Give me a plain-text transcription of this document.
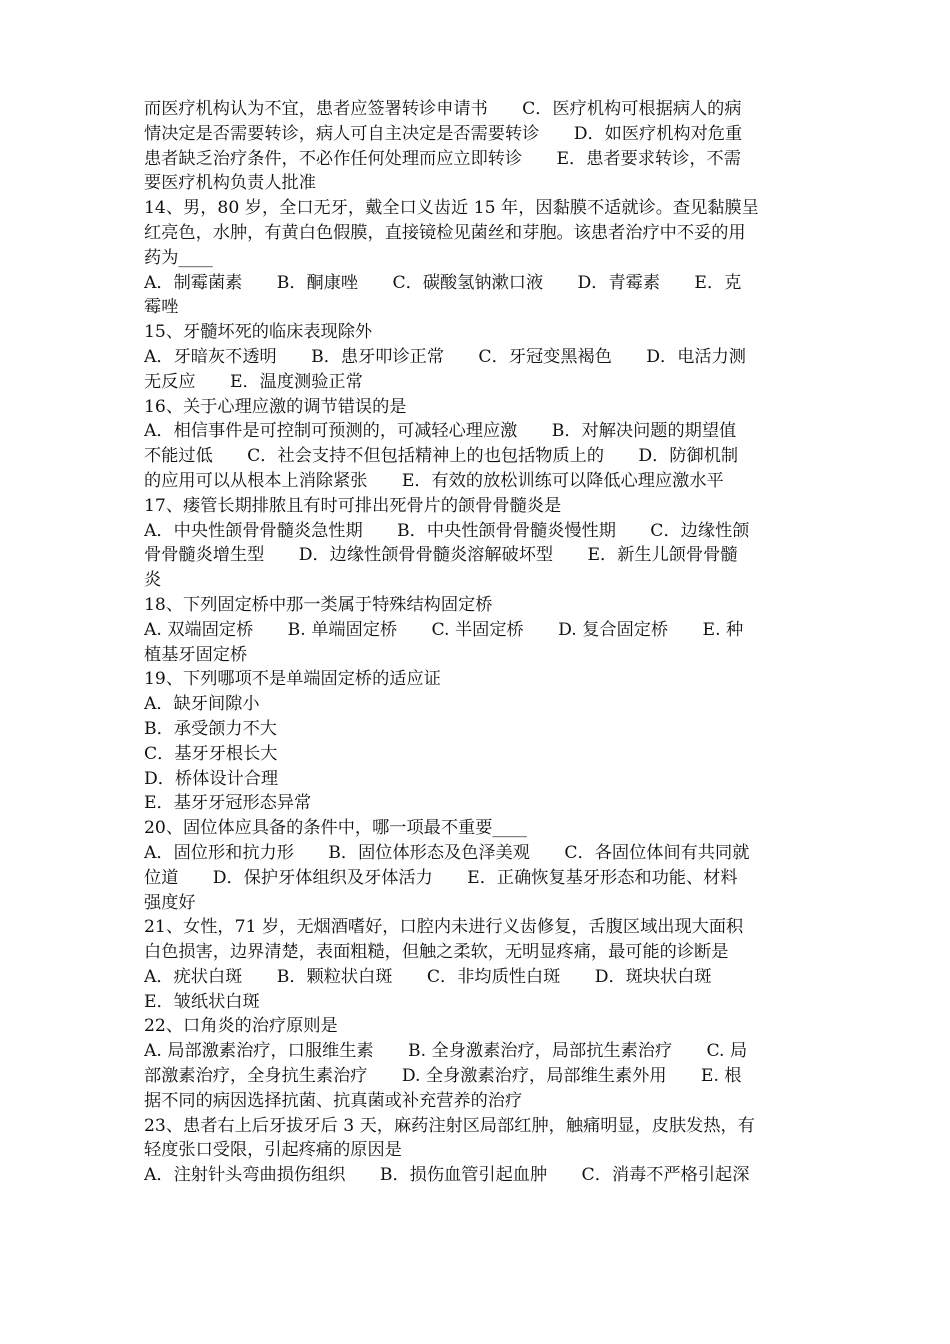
而医疗机构认为不宜，患者应签署转诊申请书　　C．医疗机构可根据病人的病
情决定是否需要转诊，病人可自主决定是否需要转诊　　D．如医疗机构对危重
患者缺乏治疗条件，不必作任何处理而应立即转诊　　E．患者要求转诊，不需
要医疗机构负责人批准
14、男，80 岁，全口无牙，戴全口义齿近 15 年，因黏膜不适就诊。查见黏膜呈
红亮色，水肿，有黄白色假膜，直接镜检见菌丝和芽胞。该患者治疗中不妥的用
药为____
A．制霉菌素　　B．酮康唑　　C．碳酸氢钠漱口液　　D．青霉素　　E．克
霉唑
15、牙髓坏死的临床表现除外
A．牙暗灰不透明　　B．患牙叩诊正常　　C．牙冠变黑褐色　　D．电活力测
无反应　　E．温度测验正常
16、关于心理应激的调节错误的是
A．相信事件是可控制可预测的，可减轻心理应激　　B．对解决问题的期望值
不能过低　　C．社会支持不但包括精神上的也包括物质上的　　D．防御机制
的应用可以从根本上消除紧张　　E．有效的放松训练可以降低心理应激水平
17、瘘管长期排脓且有时可排出死骨片的颌骨骨髓炎是
A．中央性颌骨骨髓炎急性期　　B．中央性颌骨骨髓炎慢性期　　C．边缘性颌
骨骨髓炎增生型　　D．边缘性颌骨骨髓炎溶解破坏型　　E．新生儿颌骨骨髓
炎
18、下列固定桥中那一类属于特殊结构固定桥
A. 双端固定桥　　B. 单端固定桥　　C. 半固定桥　　D. 复合固定桥　　E. 种
植基牙固定桥
19、下列哪项不是单端固定桥的适应证
A．缺牙间隙小
B．承受颌力不大
C．基牙牙根长大
D．桥体设计合理
E．基牙牙冠形态异常
20、固位体应具备的条件中，哪一项最不重要____
A．固位形和抗力形　　B．固位体形态及色泽美观　　C．各固位体间有共同就
位道　　D．保护牙体组织及牙体活力　　E．正确恢复基牙形态和功能、材料
强度好
21、女性，71 岁，无烟酒嗜好，口腔内未进行义齿修复，舌腹区域出现大面积
白色损害，边界清楚，表面粗糙，但触之柔软，无明显疼痛，最可能的诊断是
A．疣状白斑　　B．颗粒状白斑　　C．非均质性白斑　　D．斑块状白斑
E．皱纸状白斑
22、口角炎的治疗原则是
A. 局部激素治疗，口服维生素　　B. 全身激素治疗，局部抗生素治疗　　C. 局
部激素治疗，全身抗生素治疗　　D. 全身激素治疗，局部维生素外用　　E. 根
据不同的病因选择抗菌、抗真菌或补充营养的治疗
23、患者右上后牙拔牙后 3 天，麻药注射区局部红肿，触痛明显，皮肤发热，有
轻度张口受限，引起疼痛的原因是
A．注射针头弯曲损伤组织　　B．损伤血管引起血肿　　C．消毒不严格引起深
